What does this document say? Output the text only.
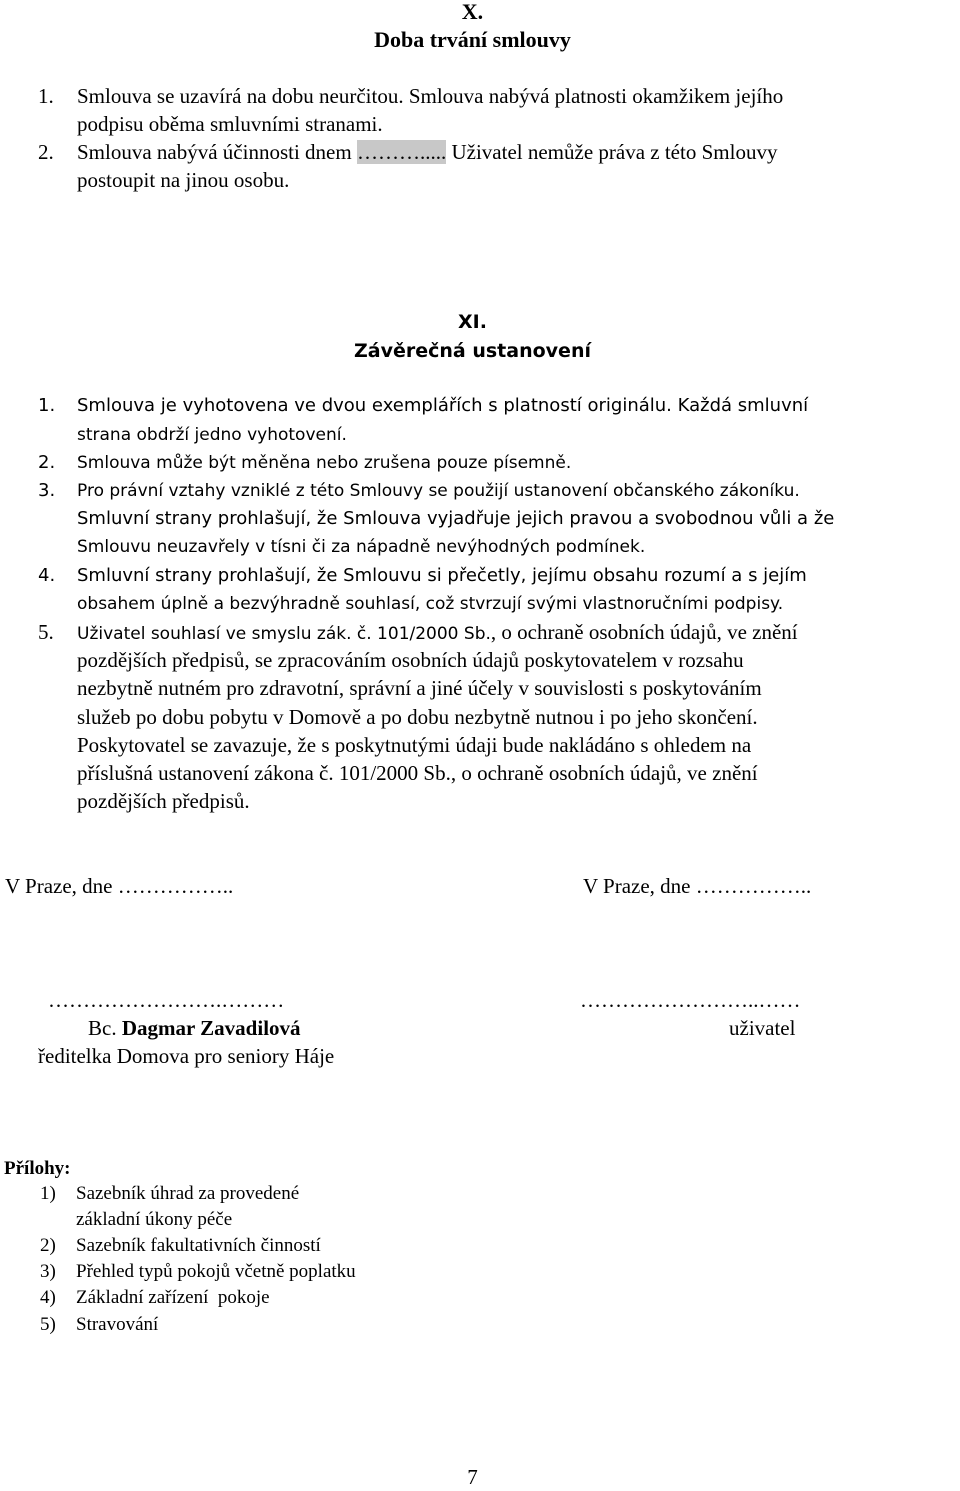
X.
Doba trvání smlouvy
1. Smlouva se uzavírá na dobu neurčitou. Smlouva nabývá platnosti okamžikem jejího
podpisu oběma smluvními stranami.
2. Smlouva nabývá účinnosti dnem ………..... Uživatel nemůže práva z této Smlouvy
postoupit na jinou osobu.
XI.
Závěrečná ustanovení
1. Smlouva je vyhotovena ve dvou exemplářích s platností originálu. Každá smluvní
strana obdrží jedno vyhotovení.
2. Smlouva může být měněna nebo zrušena pouze písemně.
3. Pro právní vztahy vzniklé z této Smlouvy se použijí ustanovení občanského zákoníku.
Smluvní strany prohlašují, že Smlouva vyjadřuje jejich pravou a svobodnou vůli a že
Smlouvu neuzavřely v tísni či za nápadně nevýhodných podmínek.
4. Smluvní strany prohlašují, že Smlouvu si přečetly, jejímu obsahu rozumí a s jejím
obsahem úplně a bezvýhradně souhlasí, což stvrzují svými vlastnoručními podpisy.
5. Uživatel souhlasí ve smyslu zák. č. 101/2000 Sb., o ochraně osobních údajů, ve znění
pozdějších předpisů, se zpracováním osobních údajů poskytovatelem v rozsahu
nezbytně nutném pro zdravotní, správní a jiné účely v souvislosti s poskytováním
služeb po dobu pobytu v Domově a po dobu nezbytně nutnou i po jeho skončení.
Poskytovatel se zavazuje, že s poskytnutými údaji bude nakládáno s ohledem na
příslušná ustanovení zákona č. 101/2000 Sb., o ochraně osobních údajů, ve znění
pozdějších předpisů.
V Praze, dne ……………..	V Praze, dne ……………..
…………………….………	……………………..……
Bc. Dagmar Zavadilová	uživatel
ředitelka Domova pro seniory Háje
Přílohy:
1) Sazebník úhrad za provedené
základní úkony péče
2) Sazebník fakultativních činností
3) Přehled typů pokojů včetně poplatku
4) Základní zařízení  pokoje
5) Stravování
7
